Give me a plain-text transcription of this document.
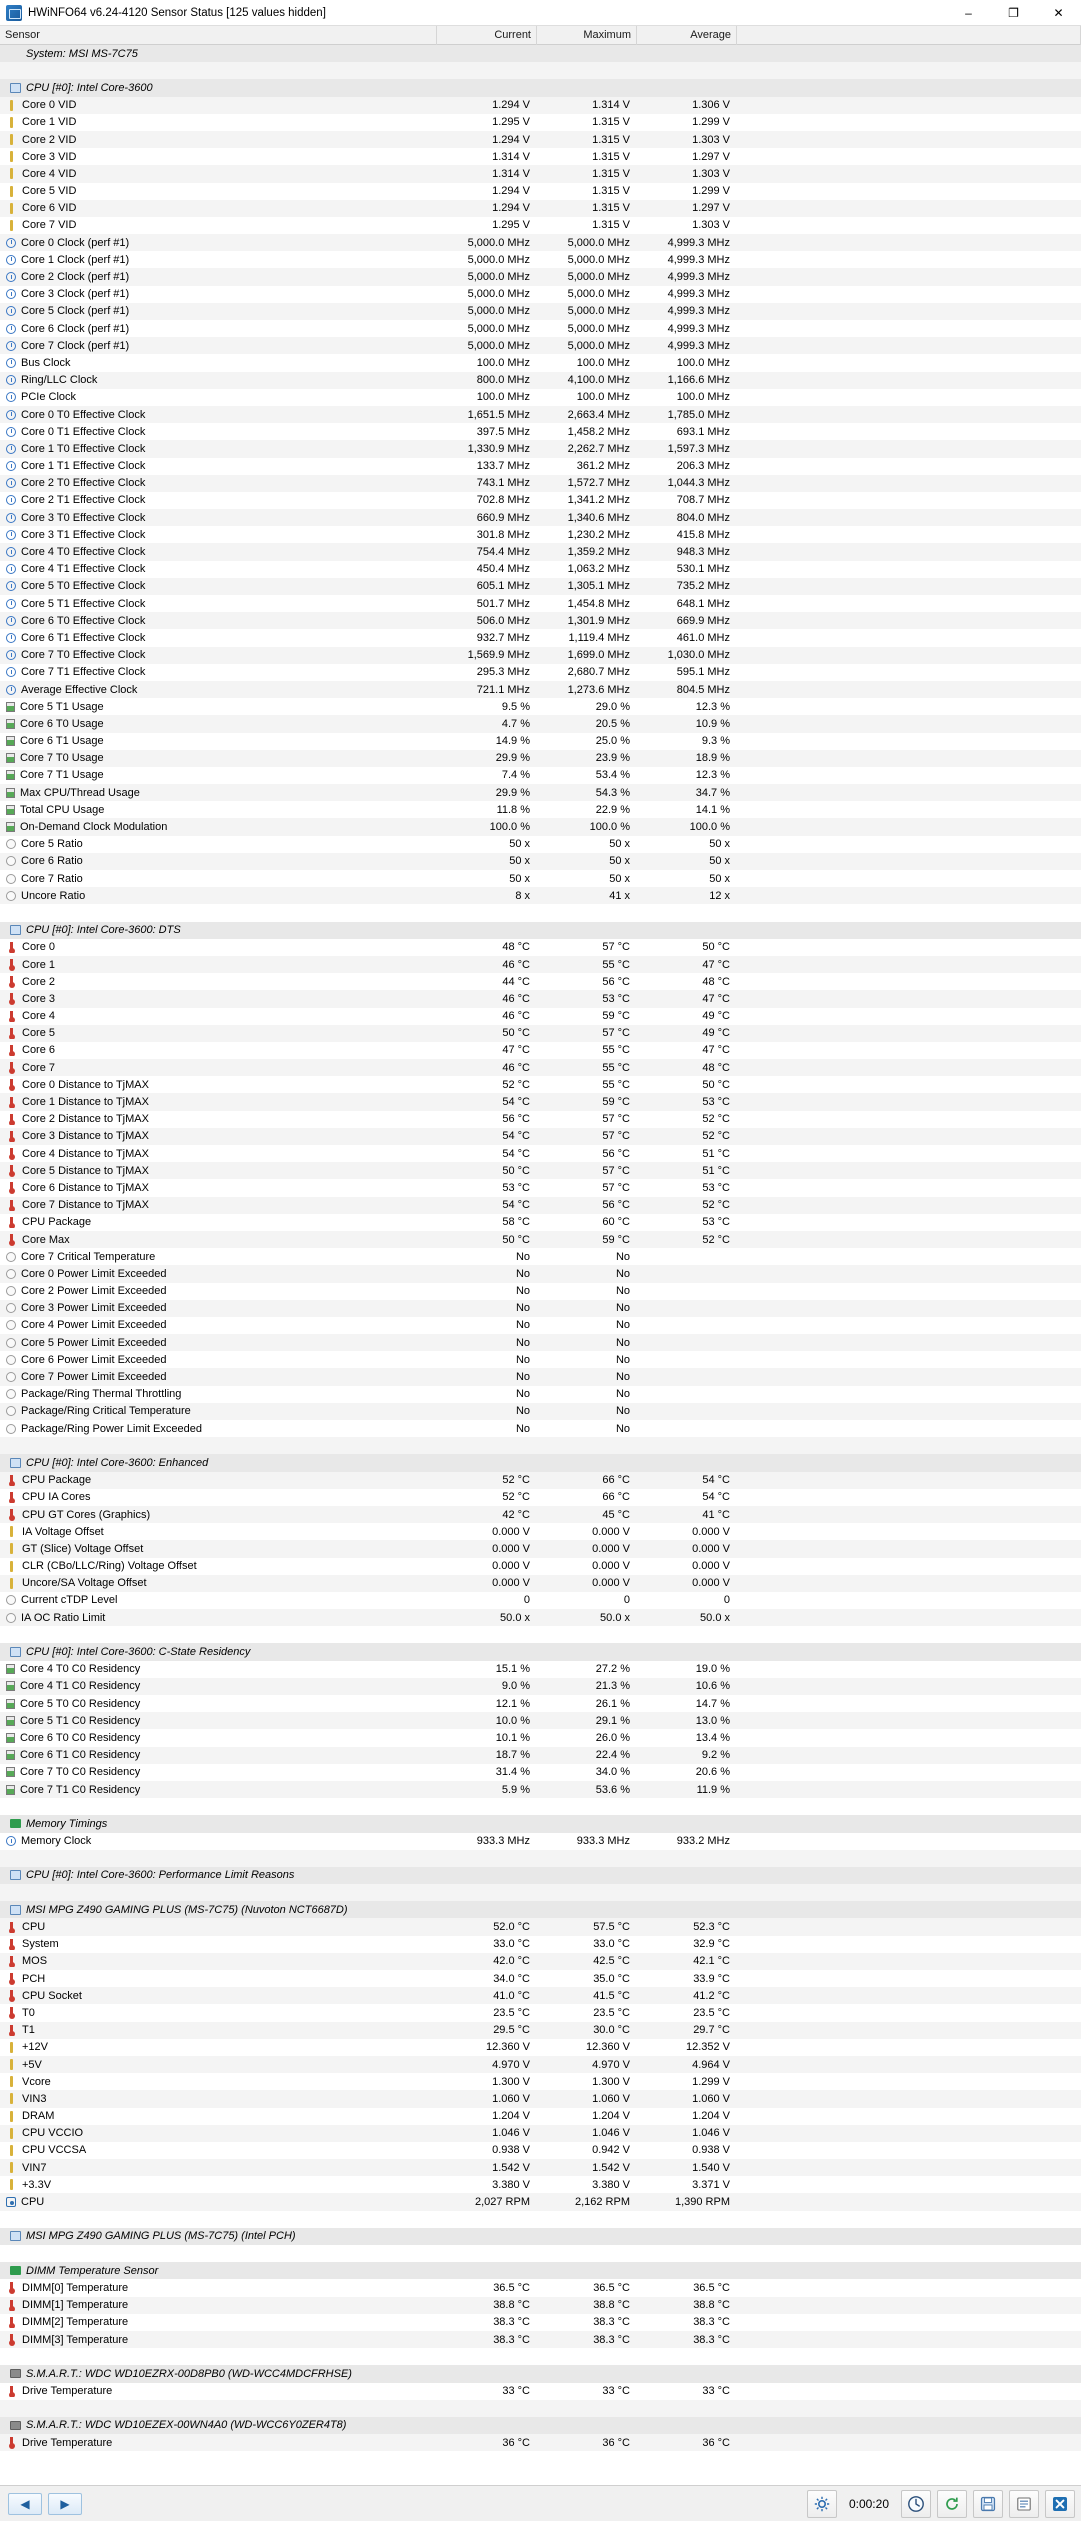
HWiNFO64 v6.24-4120 Sensor Status [125 values hidden]	–	❐	✕
Sensor	Current	Maximum	Average
System: MSI MS-7C75
CPU [#0]: Intel Core-3600
Core 0 VID	1.294 V	1.314 V	1.306 V
Core 1 VID	1.295 V	1.315 V	1.299 V
Core 2 VID	1.294 V	1.315 V	1.303 V
Core 3 VID	1.314 V	1.315 V	1.297 V
Core 4 VID	1.314 V	1.315 V	1.303 V
Core 5 VID	1.294 V	1.315 V	1.299 V
Core 6 VID	1.294 V	1.315 V	1.297 V
Core 7 VID	1.295 V	1.315 V	1.303 V
Core 0 Clock (perf #1)	5,000.0 MHz	5,000.0 MHz	4,999.3 MHz
Core 1 Clock (perf #1)	5,000.0 MHz	5,000.0 MHz	4,999.3 MHz
Core 2 Clock (perf #1)	5,000.0 MHz	5,000.0 MHz	4,999.3 MHz
Core 3 Clock (perf #1)	5,000.0 MHz	5,000.0 MHz	4,999.3 MHz
Core 5 Clock (perf #1)	5,000.0 MHz	5,000.0 MHz	4,999.3 MHz
Core 6 Clock (perf #1)	5,000.0 MHz	5,000.0 MHz	4,999.3 MHz
Core 7 Clock (perf #1)	5,000.0 MHz	5,000.0 MHz	4,999.3 MHz
Bus Clock	100.0 MHz	100.0 MHz	100.0 MHz
Ring/LLC Clock	800.0 MHz	4,100.0 MHz	1,166.6 MHz
PCIe Clock	100.0 MHz	100.0 MHz	100.0 MHz
Core 0 T0 Effective Clock	1,651.5 MHz	2,663.4 MHz	1,785.0 MHz
Core 0 T1 Effective Clock	397.5 MHz	1,458.2 MHz	693.1 MHz
Core 1 T0 Effective Clock	1,330.9 MHz	2,262.7 MHz	1,597.3 MHz
Core 1 T1 Effective Clock	133.7 MHz	361.2 MHz	206.3 MHz
Core 2 T0 Effective Clock	743.1 MHz	1,572.7 MHz	1,044.3 MHz
Core 2 T1 Effective Clock	702.8 MHz	1,341.2 MHz	708.7 MHz
Core 3 T0 Effective Clock	660.9 MHz	1,340.6 MHz	804.0 MHz
Core 3 T1 Effective Clock	301.8 MHz	1,230.2 MHz	415.8 MHz
Core 4 T0 Effective Clock	754.4 MHz	1,359.2 MHz	948.3 MHz
Core 4 T1 Effective Clock	450.4 MHz	1,063.2 MHz	530.1 MHz
Core 5 T0 Effective Clock	605.1 MHz	1,305.1 MHz	735.2 MHz
Core 5 T1 Effective Clock	501.7 MHz	1,454.8 MHz	648.1 MHz
Core 6 T0 Effective Clock	506.0 MHz	1,301.9 MHz	669.9 MHz
Core 6 T1 Effective Clock	932.7 MHz	1,119.4 MHz	461.0 MHz
Core 7 T0 Effective Clock	1,569.9 MHz	1,699.0 MHz	1,030.0 MHz
Core 7 T1 Effective Clock	295.3 MHz	2,680.7 MHz	595.1 MHz
Average Effective Clock	721.1 MHz	1,273.6 MHz	804.5 MHz
Core 5 T1 Usage	9.5 %	29.0 %	12.3 %
Core 6 T0 Usage	4.7 %	20.5 %	10.9 %
Core 6 T1 Usage	14.9 %	25.0 %	9.3 %
Core 7 T0 Usage	29.9 %	23.9 %	18.9 %
Core 7 T1 Usage	7.4 %	53.4 %	12.3 %
Max CPU/Thread Usage	29.9 %	54.3 %	34.7 %
Total CPU Usage	11.8 %	22.9 %	14.1 %
On-Demand Clock Modulation	100.0 %	100.0 %	100.0 %
Core 5 Ratio	50 x	50 x	50 x
Core 6 Ratio	50 x	50 x	50 x
Core 7 Ratio	50 x	50 x	50 x
Uncore Ratio	8 x	41 x	12 x
CPU [#0]: Intel Core-3600: DTS
Core 0	48 °C	57 °C	50 °C
Core 1	46 °C	55 °C	47 °C
Core 2	44 °C	56 °C	48 °C
Core 3	46 °C	53 °C	47 °C
Core 4	46 °C	59 °C	49 °C
Core 5	50 °C	57 °C	49 °C
Core 6	47 °C	55 °C	47 °C
Core 7	46 °C	55 °C	48 °C
Core 0 Distance to TjMAX	52 °C	55 °C	50 °C
Core 1 Distance to TjMAX	54 °C	59 °C	53 °C
Core 2 Distance to TjMAX	56 °C	57 °C	52 °C
Core 3 Distance to TjMAX	54 °C	57 °C	52 °C
Core 4 Distance to TjMAX	54 °C	56 °C	51 °C
Core 5 Distance to TjMAX	50 °C	57 °C	51 °C
Core 6 Distance to TjMAX	53 °C	57 °C	53 °C
Core 7 Distance to TjMAX	54 °C	56 °C	52 °C
CPU Package	58 °C	60 °C	53 °C
Core Max	50 °C	59 °C	52 °C
Core 7 Critical Temperature	No	No
Core 0 Power Limit Exceeded	No	No
Core 2 Power Limit Exceeded	No	No
Core 3 Power Limit Exceeded	No	No
Core 4 Power Limit Exceeded	No	No
Core 5 Power Limit Exceeded	No	No
Core 6 Power Limit Exceeded	No	No
Core 7 Power Limit Exceeded	No	No
Package/Ring Thermal Throttling	No	No
Package/Ring Critical Temperature	No	No
Package/Ring Power Limit Exceeded	No	No
CPU [#0]: Intel Core-3600: Enhanced
CPU Package	52 °C	66 °C	54 °C
CPU IA Cores	52 °C	66 °C	54 °C
CPU GT Cores (Graphics)	42 °C	45 °C	41 °C
IA Voltage Offset	0.000 V	0.000 V	0.000 V
GT (Slice) Voltage Offset	0.000 V	0.000 V	0.000 V
CLR (CBo/LLC/Ring) Voltage Offset	0.000 V	0.000 V	0.000 V
Uncore/SA Voltage Offset	0.000 V	0.000 V	0.000 V
Current cTDP Level	0	0	0
IA OC Ratio Limit	50.0 x	50.0 x	50.0 x
CPU [#0]: Intel Core-3600: C-State Residency
Core 4 T0 C0 Residency	15.1 %	27.2 %	19.0 %
Core 4 T1 C0 Residency	9.0 %	21.3 %	10.6 %
Core 5 T0 C0 Residency	12.1 %	26.1 %	14.7 %
Core 5 T1 C0 Residency	10.0 %	29.1 %	13.0 %
Core 6 T0 C0 Residency	10.1 %	26.0 %	13.4 %
Core 6 T1 C0 Residency	18.7 %	22.4 %	9.2 %
Core 7 T0 C0 Residency	31.4 %	34.0 %	20.6 %
Core 7 T1 C0 Residency	5.9 %	53.6 %	11.9 %
Memory Timings
Memory Clock	933.3 MHz	933.3 MHz	933.2 MHz
CPU [#0]: Intel Core-3600: Performance Limit Reasons
MSI MPG Z490 GAMING PLUS (MS-7C75) (Nuvoton NCT6687D)
CPU	52.0 °C	57.5 °C	52.3 °C
System	33.0 °C	33.0 °C	32.9 °C
MOS	42.0 °C	42.5 °C	42.1 °C
PCH	34.0 °C	35.0 °C	33.9 °C
CPU Socket	41.0 °C	41.5 °C	41.2 °C
T0	23.5 °C	23.5 °C	23.5 °C
T1	29.5 °C	30.0 °C	29.7 °C
+12V	12.360 V	12.360 V	12.352 V
+5V	4.970 V	4.970 V	4.964 V
Vcore	1.300 V	1.300 V	1.299 V
VIN3	1.060 V	1.060 V	1.060 V
DRAM	1.204 V	1.204 V	1.204 V
CPU VCCIO	1.046 V	1.046 V	1.046 V
CPU VCCSA	0.938 V	0.942 V	0.938 V
VIN7	1.542 V	1.542 V	1.540 V
+3.3V	3.380 V	3.380 V	3.371 V
CPU	2,027 RPM	2,162 RPM	1,390 RPM
MSI MPG Z490 GAMING PLUS (MS-7C75) (Intel PCH)
DIMM Temperature Sensor
DIMM[0] Temperature	36.5 °C	36.5 °C	36.5 °C
DIMM[1] Temperature	38.8 °C	38.8 °C	38.8 °C
DIMM[2] Temperature	38.3 °C	38.3 °C	38.3 °C
DIMM[3] Temperature	38.3 °C	38.3 °C	38.3 °C
S.M.A.R.T.: WDC WD10EZRX-00D8PB0 (WD-WCC4MDCFRHSE)
Drive Temperature	33 °C	33 °C	33 °C
S.M.A.R.T.: WDC WD10EZEX-00WN4A0 (WD-WCC6Y0ZER4T8)
Drive Temperature	36 °C	36 °C	36 °C
◀	▶	0:00:20
